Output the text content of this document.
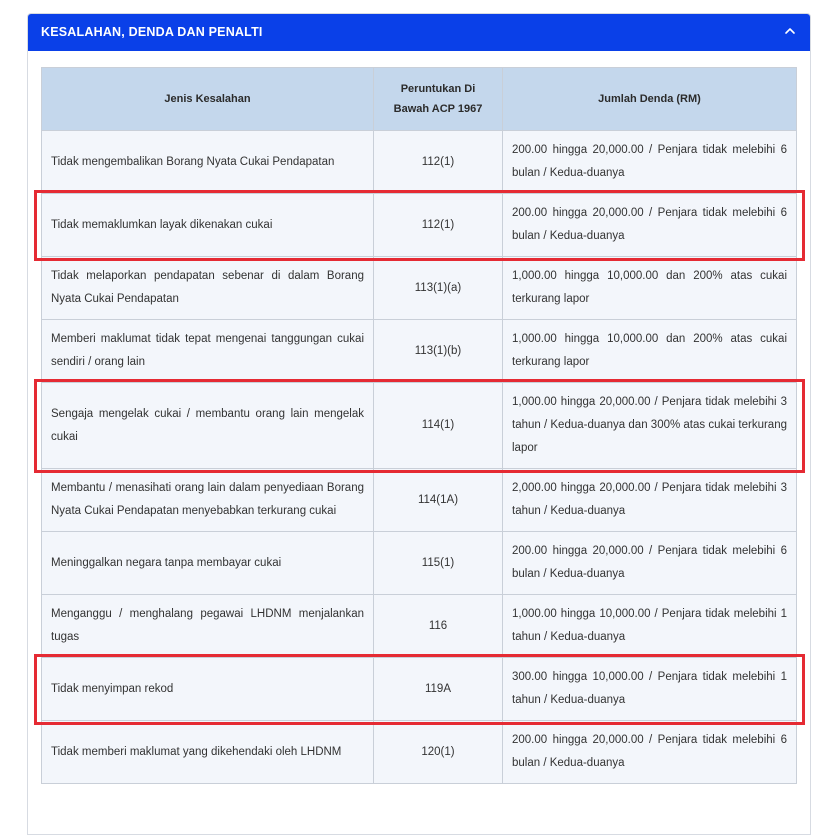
KESALAHAN, DENDA DAN PENALTI
Jenis Kesalahan	Peruntukan Di Bawah ACP 1967	Jumlah Denda (RM)
Tidak mengembalikan Borang Nyata Cukai Pendapatan	112(1)	200.00 hingga 20,000.00 / Penjara tidak melebihi 6 bulan / Kedua-duanya
Tidak memaklumkan layak dikenakan cukai	112(1)	200.00 hingga 20,000.00 / Penjara tidak melebihi 6 bulan / Kedua-duanya
Tidak melaporkan pendapatan sebenar di dalam Borang Nyata Cukai Pendapatan	113(1)(a)	1,000.00 hingga 10,000.00 dan 200% atas cukai terkurang lapor
Memberi maklumat tidak tepat mengenai tanggungan cukai sendiri / orang lain	113(1)(b)	1,000.00 hingga 10,000.00 dan 200% atas cukai terkurang lapor
Sengaja mengelak cukai / membantu orang lain mengelak cukai	114(1)	1,000.00 hingga 20,000.00 / Penjara tidak melebihi 3 tahun / Kedua-duanya dan 300% atas cukai terkurang lapor
Membantu / menasihati orang lain dalam penyediaan Borang Nyata Cukai Pendapatan menyebabkan terkurang cukai	114(1A)	2,000.00 hingga 20,000.00 / Penjara tidak melebihi 3 tahun / Kedua-duanya
Meninggalkan negara tanpa membayar cukai	115(1)	200.00 hingga 20,000.00 / Penjara tidak melebihi 6 bulan / Kedua-duanya
Menganggu / menghalang pegawai LHDNM menjalankan tugas	116	1,000.00 hingga 10,000.00 / Penjara tidak melebihi 1 tahun / Kedua-duanya
Tidak menyimpan rekod	119A	300.00 hingga 10,000.00 / Penjara tidak melebihi 1 tahun / Kedua-duanya
Tidak memberi maklumat yang dikehendaki oleh LHDNM	120(1)	200.00 hingga 20,000.00 / Penjara tidak melebihi 6 bulan / Kedua-duanya
